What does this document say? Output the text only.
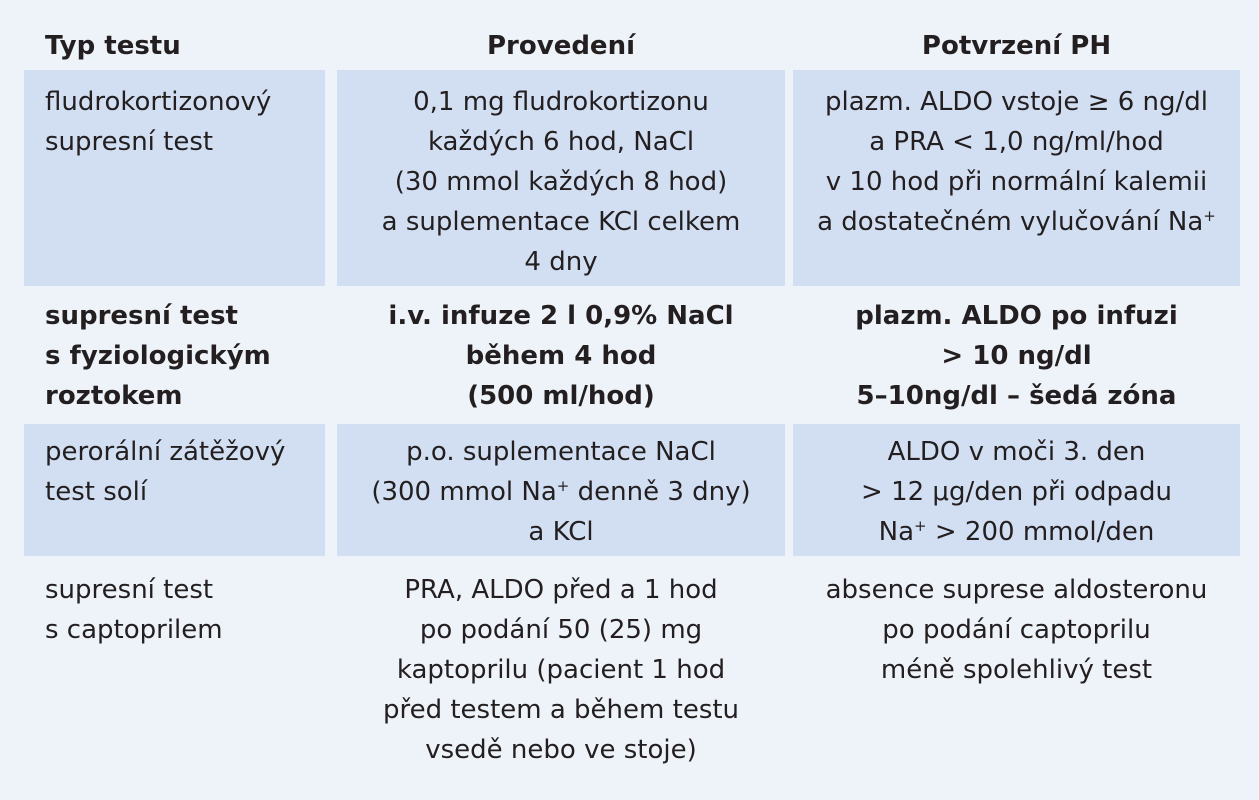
Typ testu	Provedení	Potvrzení PH
fludrokortizonový
supresní test
0,1 mg fludrokortizonu
každých 6 hod, NaCl
(30 mmol každých 8 hod)
a suplementace KCl celkem
4 dny
plazm. ALDO vstoje ≥ 6 ng/dl
a PRA < 1,0 ng/ml/hod
v 10 hod při normální kalemii
a dostatečném vylučování Na+
supresní test
s fyziologickým
roztokem
i.v. infuze 2 l 0,9% NaCl
během 4 hod
(500 ml/hod)
plazm. ALDO po infuzi
> 10 ng/dl
5–10ng/dl – šedá zóna
perorální zátěžový
test solí
p.o. suplementace NaCl
(300 mmol Na+ denně 3 dny)
a KCl
ALDO v moči 3. den
> 12 μg/den při odpadu
Na+ > 200 mmol/den
supresní test
s captoprilem
PRA, ALDO před a 1 hod
po podání 50 (25) mg
kaptoprilu (pacient 1 hod
před testem a během testu
vsedě nebo ve stoje)
absence suprese aldosteronu
po podání captoprilu
méně spolehlivý test
